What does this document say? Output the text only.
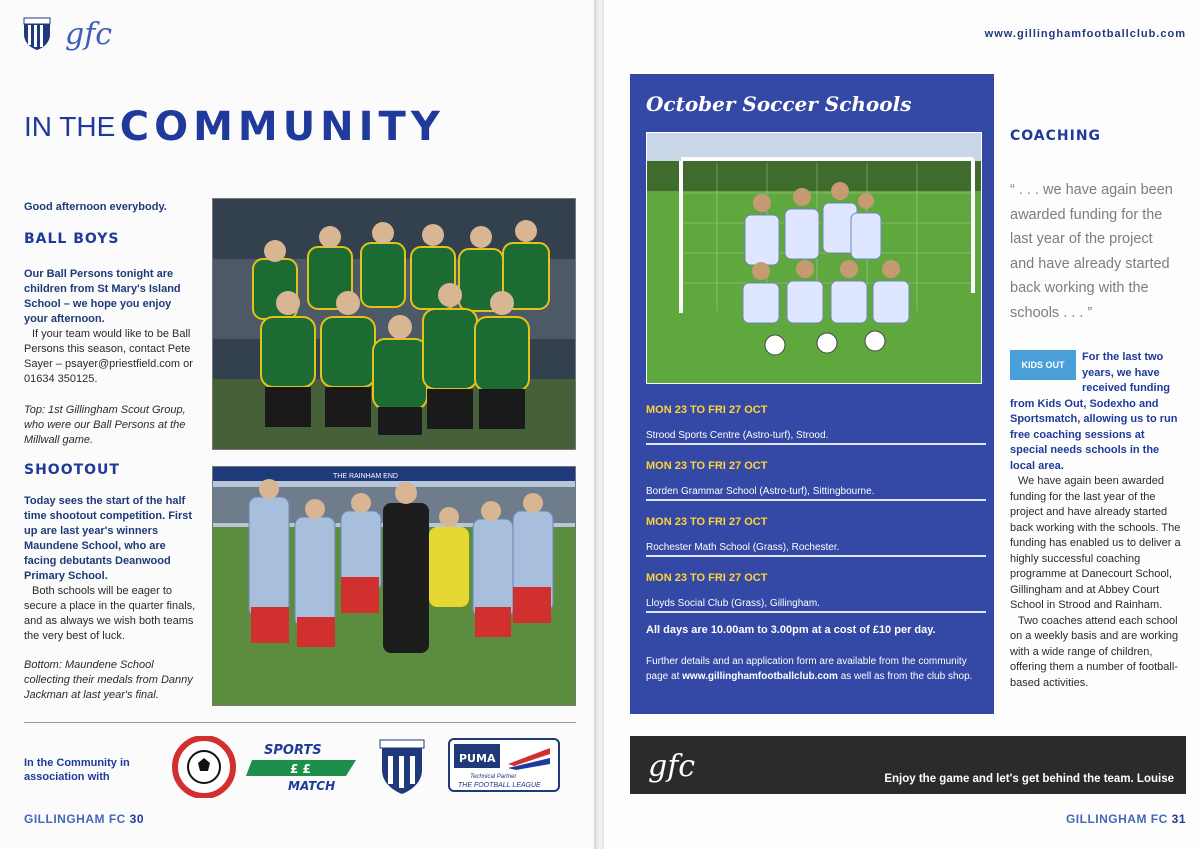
gfc
IN THE COMMUNITY

Good afternoon everybody.

BALL BOYS

Our Ball Persons tonight are children from St Mary's Island School – we hope you enjoy your afternoon.

If your team would like to be Ball Persons this season, contact Pete Sayer – psayer@priestfield.com or 01634 350125.

Top: 1st Gillingham Scout Group, who were our Ball Persons at the Millwall game.

SHOOTOUT

Today sees the start of the half time shootout competition. First up are last year's winners Maundene School, who are facing debutants Deanwood Primary School.

Both schools will be eager to secure a place in the quarter finals, and as always we wish both teams the very best of luck.

Bottom: Maundene School collecting their medals from Danny Jackman at last year's final.

THE RAINHAM END
In the Community in association with
SPORTS
£ £
MATCH
PUMA
Technical Partner
THE FOOTBALL LEAGUE
GILLINGHAM FC 30
www.gillinghamfootballclub.com
October Soccer Schools
MON 23 TO FRI 27 OCT
Strood Sports Centre (Astro-turf), Strood.
MON 23 TO FRI 27 OCT
Borden Grammar School (Astro-turf), Sittingbourne.
MON 23 TO FRI 27 OCT
Rochester Math School (Grass), Rochester.
MON 23 TO FRI 27 OCT
Lloyds Social Club (Grass), Gillingham.
All days are 10.00am to 3.00pm at a cost of £10 per day.

Further details and an application form are available from the community page at www.gillinghamfootballclub.com as well as from the club shop.

COACHING
“ . . . we have again been awarded funding for the last year of the project and have already started back working with the schools . . . ”
KIDS OUT

For the last two years, we have received funding from Kids Out, Sodexho and Sportsmatch, allowing us to run free coaching sessions at special needs schools in the local area.

We have again been awarded funding for the last year of the project and have already started back working with the schools. The funding has enabled us to deliver a highly successful coaching programme at Danecourt School, Gillingham and at Abbey Court School in Strood and Rainham.

Two coaches attend each school on a weekly basis and are working with a wide range of children, offering them a number of football-based activities.

gfc	Enjoy the game and let's get behind the team. Louise
GILLINGHAM FC 31
